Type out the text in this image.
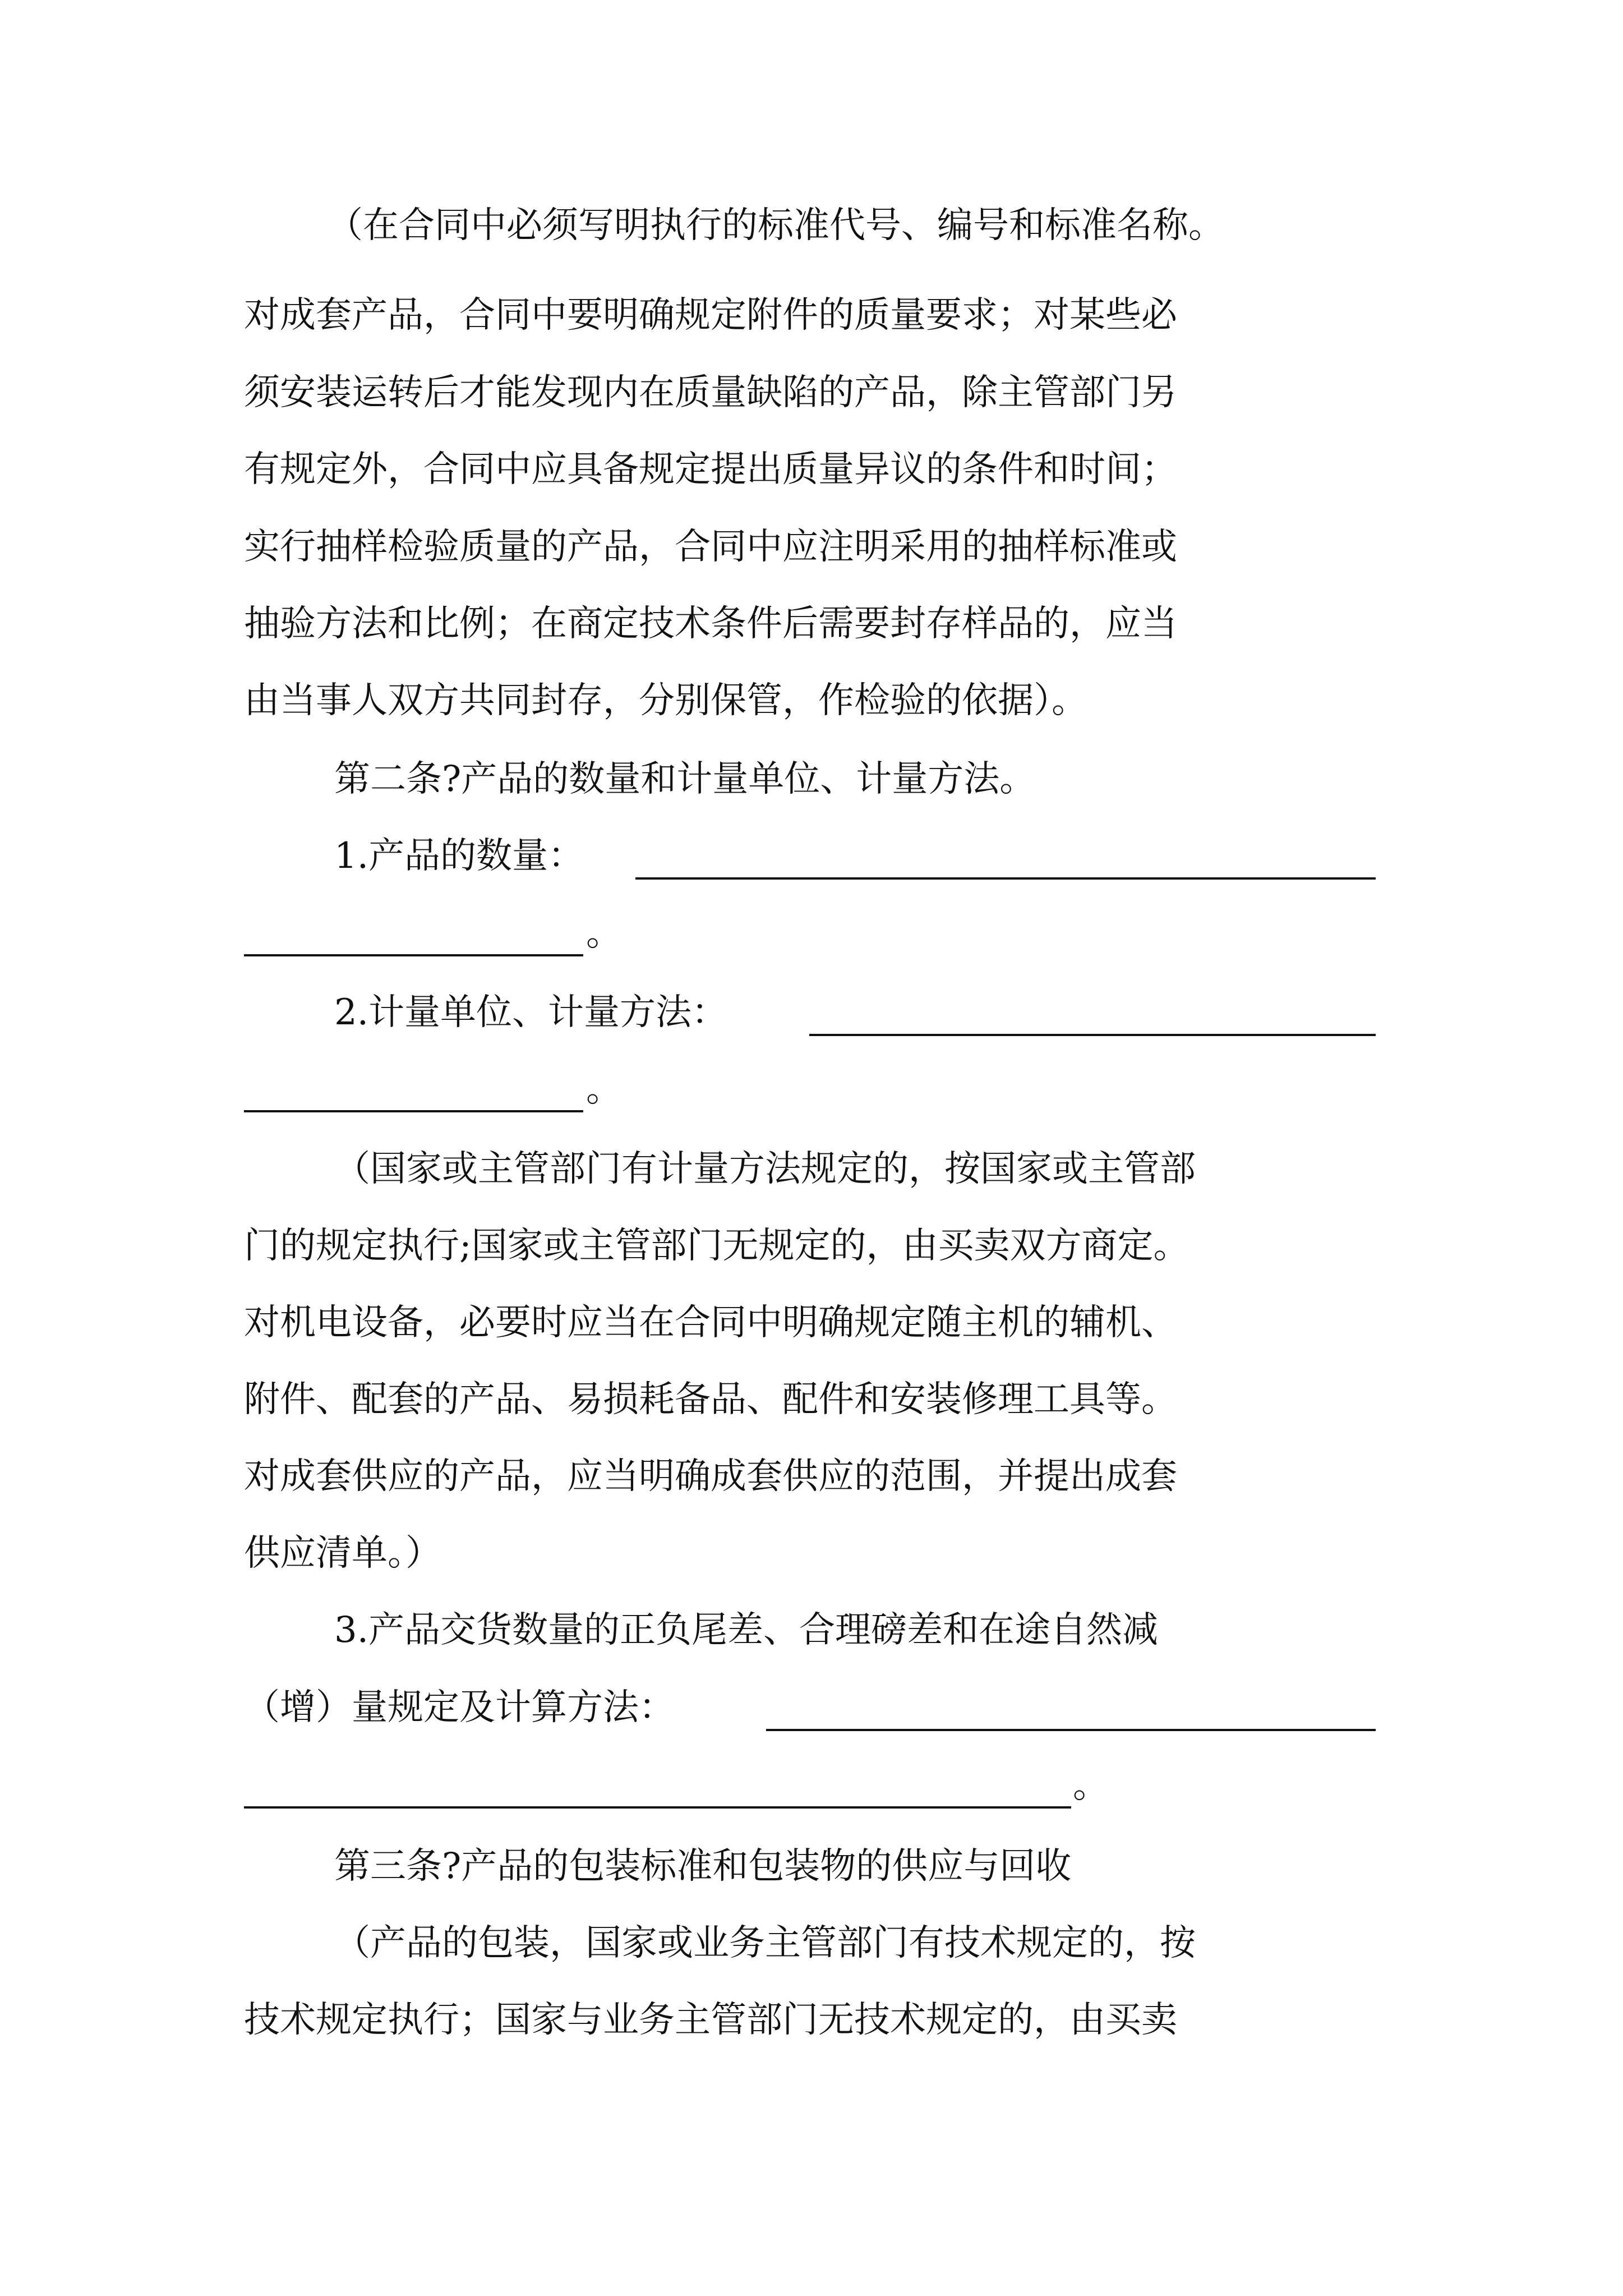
（在合同中必须写明执行的标准代号、编号和标准名称。
对成套产品，合同中要明确规定附件的质量要求；对某些必
须安装运转后才能发现内在质量缺陷的产品，除主管部门另
有规定外，合同中应具备规定提出质量异议的条件和时间；
实行抽样检验质量的产品，合同中应注明采用的抽样标准或
抽验方法和比例；在商定技术条件后需要封存样品的，应当
由当事人双方共同封存，分别保管，作检验的依据）。
第二条?产品的数量和计量单位、计量方法。
1.产品的数量：
。
2.计量单位、计量方法：
。
（国家或主管部门有计量方法规定的，按国家或主管部
门的规定执行;国家或主管部门无规定的，由买卖双方商定。
对机电设备，必要时应当在合同中明确规定随主机的辅机、
附件、配套的产品、易损耗备品、配件和安装修理工具等。
对成套供应的产品，应当明确成套供应的范围，并提出成套
供应清单。）
3.产品交货数量的正负尾差、合理磅差和在途自然减
（增）量规定及计算方法：
。
第三条?产品的包装标准和包装物的供应与回收
（产品的包装，国家或业务主管部门有技术规定的，按
技术规定执行；国家与业务主管部门无技术规定的，由买卖
